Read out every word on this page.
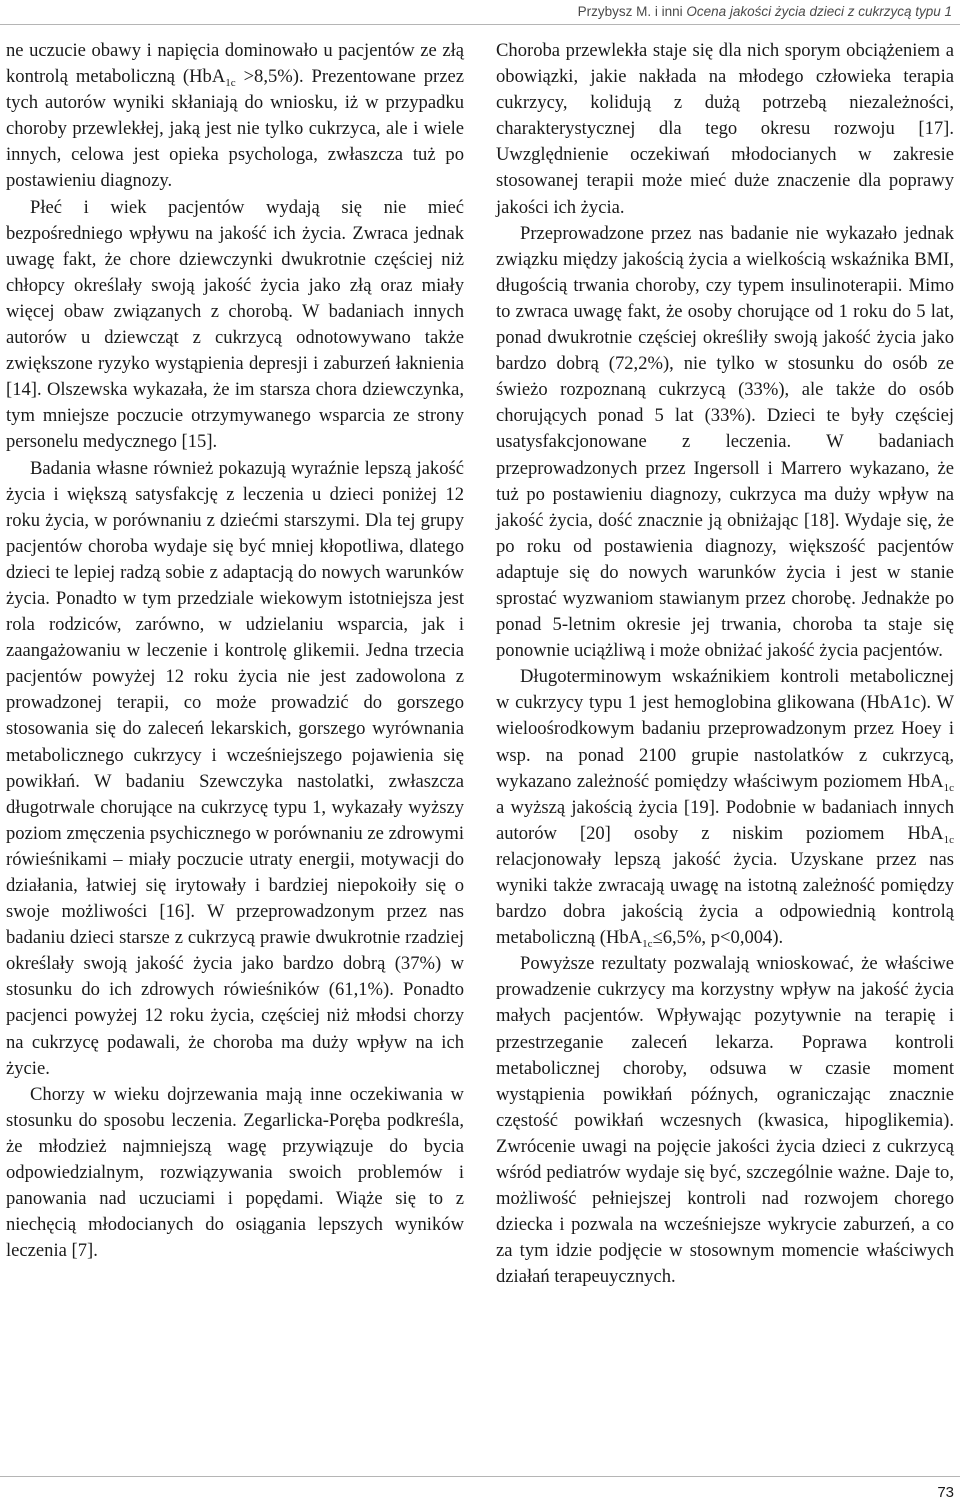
Przybysz M. i inni Ocena jakości życia dzieci z cukrzycą typu 1

ne uczucie obawy i napięcia dominowało u pacjentów ze złą kontrolą metaboliczną (HbA$_{1c}$ >8,5%). Prezentowane przez tych autorów wyniki skłaniają do wniosku, iż w przypadku choroby przewlekłej, jaką jest nie tylko cukrzyca, ale i wiele innych, celowa jest opieka psychologa, zwłaszcza tuż po postawieniu diagnozy.

Płeć i wiek pacjentów wydają się nie mieć bezpośredniego wpływu na jakość ich życia. Zwraca jednak uwagę fakt, że chore dziewczynki dwukrotnie częściej niż chłopcy określały swoją jakość życia jako złą oraz miały więcej obaw związanych z chorobą. W badaniach innych autorów u dziewcząt z cukrzycą odnotowywano także zwiększone ryzyko wystąpienia depresji i zaburzeń łaknienia [14]. Olszewska wykazała, że im starsza chora dziewczynka, tym mniejsze poczucie otrzymywanego wsparcia ze strony personelu medycznego [15].

Badania własne również pokazują wyraźnie lepszą jakość życia i większą satysfakcję z leczenia u dzieci poniżej 12 roku życia, w porównaniu z dziećmi starszymi. Dla tej grupy pacjentów choroba wydaje się być mniej kłopotliwa, dlatego dzieci te lepiej radzą sobie z adaptacją do nowych warunków życia. Ponadto w tym przedziale wiekowym istotniejsza jest rola rodziców, zarówno, w udzielaniu wsparcia, jak i zaangażowaniu w leczenie i kontrolę glikemii. Jedna trzecia pacjentów powyżej 12 roku życia nie jest zadowolona z prowadzonej terapii, co może prowadzić do gorszego stosowania się do zaleceń lekarskich, gorszego wyrównania metabolicznego cukrzycy i wcześniejszego pojawienia się powikłań. W badaniu Szewczyka nastolatki, zwłaszcza długotrwale chorujące na cukrzycę typu 1, wykazały wyższy poziom zmęczenia psychicznego w porównaniu ze zdrowymi rówieśnikami – miały poczucie utraty energii, motywacji do działania, łatwiej się irytowały i bardziej niepokoiły się o swoje możliwości [16]. W przeprowadzonym przez nas badaniu dzieci starsze z cukrzycą prawie dwukrotnie rzadziej określały swoją jakość życia jako bardzo dobrą (37%) w stosunku do ich zdrowych rówieśników (61,1%). Ponadto pacjenci powyżej 12 roku życia, częściej niż młodsi chorzy na cukrzycę podawali, że choroba ma duży wpływ na ich życie.

Chorzy w wieku dojrzewania mają inne oczekiwania w stosunku do sposobu leczenia. Zegarlicka-Poręba podkreśla, że młodzież najmniejszą wagę przywiązuje do bycia odpowiedzialnym, rozwiązywania swoich problemów i panowania nad uczuciami i popędami. Wiąże się to z niechęcią młodocianych do osiągania lepszych wyników leczenia [7].

Choroba przewlekła staje się dla nich sporym obciążeniem a obowiązki, jakie nakłada na młodego człowieka terapia cukrzycy, kolidują z dużą potrzebą niezależności, charakterystycznej dla tego okresu rozwoju [17]. Uwzględnienie oczekiwań młodocianych w zakresie stosowanej terapii może mieć duże znaczenie dla poprawy jakości ich życia.

Przeprowadzone przez nas badanie nie wykazało jednak związku między jakością życia a wielkością wskaźnika BMI, długością trwania choroby, czy typem insulinoterapii. Mimo to zwraca uwagę fakt, że osoby chorujące od 1 roku do 5 lat, ponad dwukrotnie częściej określiły swoją jakość życia jako bardzo dobrą (72,2%), nie tylko w stosunku do osób ze świeżo rozpoznaną cukrzycą (33%), ale także do osób chorujących ponad 5 lat (33%). Dzieci te były częściej usatysfakcjonowane z leczenia. W badaniach przeprowadzonych przez Ingersoll i Marrero wykazano, że tuż po postawieniu diagnozy, cukrzyca ma duży wpływ na jakość życia, dość znacznie ją obniżając [18]. Wydaje się, że po roku od postawienia diagnozy, większość pacjentów adaptuje się do nowych warunków życia i jest w stanie sprostać wyzwaniom stawianym przez chorobę. Jednakże po ponad 5-letnim okresie jej trwania, choroba ta staje się ponownie uciążliwą i może obniżać jakość życia pacjentów.

Długoterminowym wskaźnikiem kontroli metabolicznej w cukrzycy typu 1 jest hemoglobina glikowana (HbA1c). W wieloośrodkowym badaniu przeprowadzonym przez Hoey i wsp. na ponad 2100 grupie nastolatków z cukrzycą, wykazano zależność pomiędzy właściwym poziomem HbA$_{1c}$ a wyższą jakością życia [19]. Podobnie w badaniach innych autorów [20] osoby z niskim poziomem HbA$_{1c}$ relacjonowały lepszą jakość życia. Uzyskane przez nas wyniki także zwracają uwagę na istotną zależność pomiędzy bardzo dobra jakością życia a odpowiednią kontrolą metaboliczną (HbA$_{1c}$≤6,5%, p<0,004).

Powyższe rezultaty pozwalają wnioskować, że właściwe prowadzenie cukrzycy ma korzystny wpływ na jakość życia małych pacjentów. Wpływając pozytywnie na terapię i przestrzeganie zaleceń lekarza. Poprawa kontroli metabolicznej choroby, odsuwa w czasie moment wystąpienia powikłań późnych, ograniczając znacznie częstość powikłań wczesnych (kwasica, hipoglikemia). Zwrócenie uwagi na pojęcie jakości życia dzieci z cukrzycą wśród pediatrów wydaje się być, szczególnie ważne. Daje to, możliwość pełniejszej kontroli nad rozwojem chorego dziecka i pozwala na wcześniejsze wykrycie zaburzeń, a co za tym idzie podjęcie w stosownym momencie właściwych działań terapeuycznych.

73
